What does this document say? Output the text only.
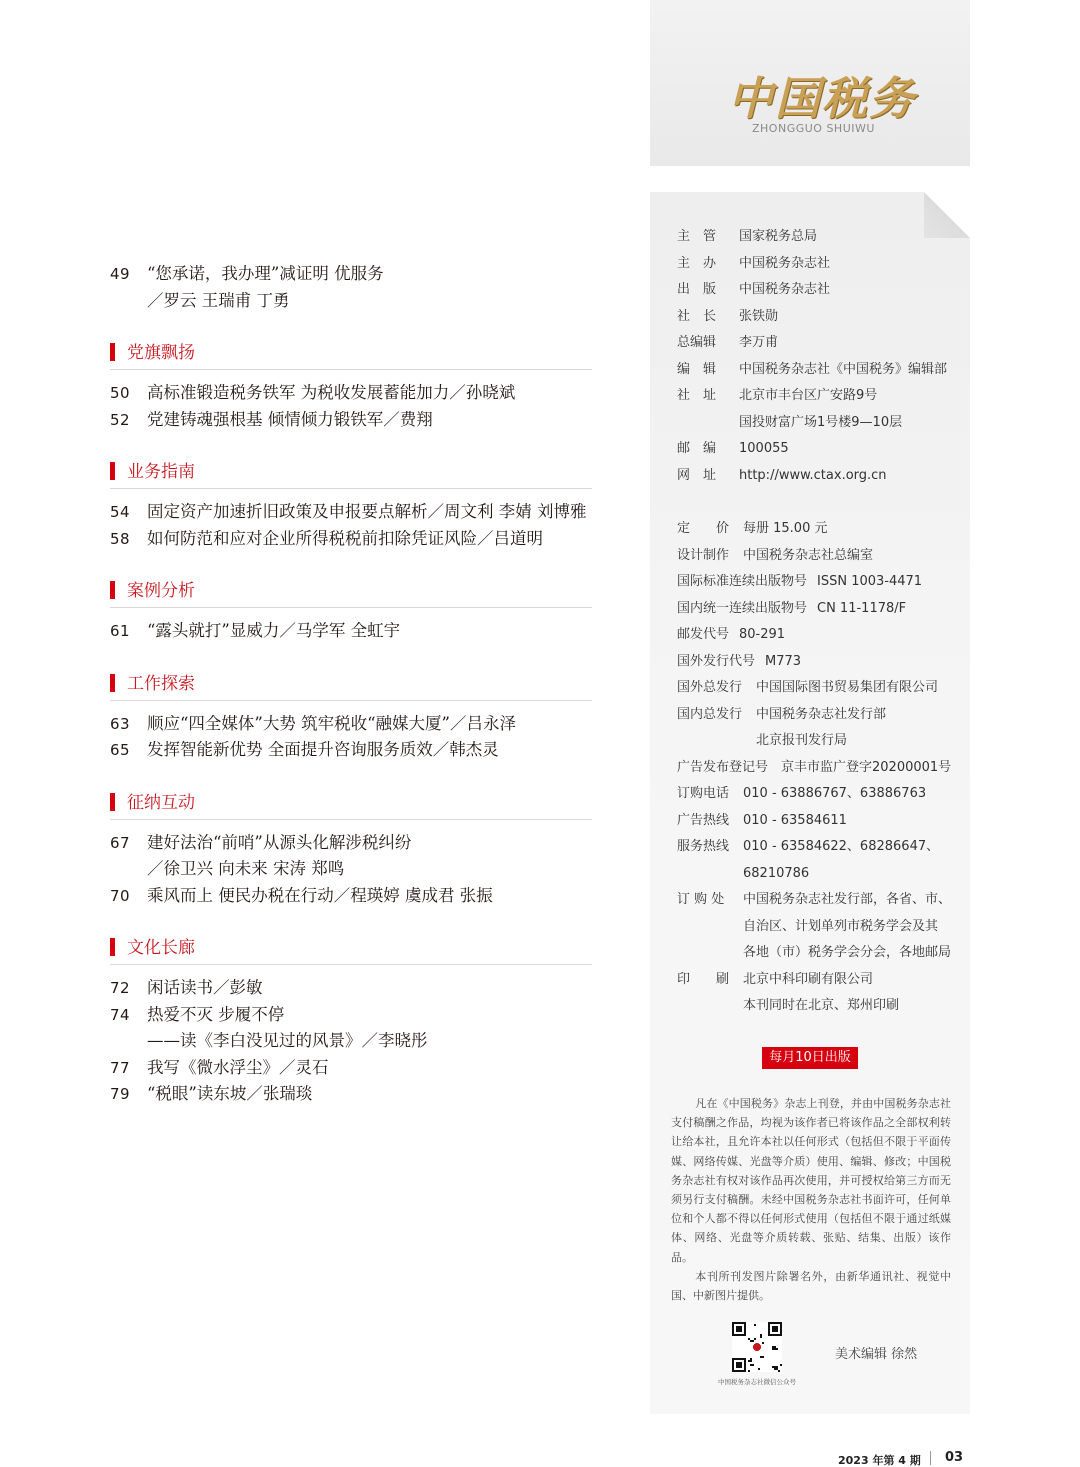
49	“您承诺，我办理”减证明 优服务
／罗云 王瑞甫 丁勇
党旗飘扬
50	高标准锻造税务铁军 为税收发展蓄能加力／孙晓斌
52	党建铸魂强根基 倾情倾力锻铁军／费翔
业务指南
54	固定资产加速折旧政策及申报要点解析／周文利 李婧 刘博雅
58	如何防范和应对企业所得税税前扣除凭证风险／吕道明
案例分析
61	“露头就打”显威力／马学军 全虹宇
工作探索
63	顺应“四全媒体”大势 筑牢税收“融媒大厦”／吕永泽
65	发挥智能新优势 全面提升咨询服务质效／韩杰灵
征纳互动
67	建好法治“前哨”从源头化解涉税纠纷
／徐卫兴 向未来 宋涛 郑鸣
70	乘风而上 便民办税在行动／程瑛婷 虞成君 张振
文化长廊
72	闲话读书／彭敏
74	热爱不灭 步履不停
——读《李白没见过的风景》／李晓彤
77	我写《微水浮尘》／灵石
79	“税眼”读东坡／张瑞琰
中国税务
ZHONGGUO SHUIWU
主　管 国家税务总局
主　办 中国税务杂志社
出　版 中国税务杂志社
社　长 张铁勋
总编辑 李万甫
编　辑 中国税务杂志社《中国税务》编辑部
社　址 北京市丰台区广安路9号
国投财富广场1号楼9—10层
邮　编 100055
网　址 http://www.ctax.org.cn
定　　价 每册 15.00 元
设计制作 中国税务杂志社总编室
国际标准连续出版物号 ISSN 1003-4471
国内统一连续出版物号 CN 11-1178/F
邮发代号 80-291
国外发行代号 M773
国外总发行 中国国际图书贸易集团有限公司
国内总发行 中国税务杂志社发行部
北京报刊发行局
广告发布登记号 京丰市监广登字20200001号
订购电话 010 - 63886767、63886763
广告热线 010 - 63584611
服务热线 010 - 63584622、68286647、
68210786
订 购 处 中国税务杂志社发行部，各省、市、
自治区、计划单列市税务学会及其
各地（市）税务学会分会，各地邮局
印　　刷 北京中科印刷有限公司
本刊同时在北京、郑州印刷
每月10日出版

凡在《中国税务》杂志上刊登，并由中国税务杂志社支付稿酬之作品，均视为该作者已将该作品之全部权利转让给本社，且允许本社以任何形式（包括但不限于平面传媒、网络传媒、光盘等介质）使用、编辑、修改；中国税务杂志社有权对该作品再次使用，并可授权给第三方而无须另行支付稿酬。未经中国税务杂志社书面许可，任何单位和个人都不得以任何形式使用（包括但不限于通过纸媒体、网络、光盘等介质转载、张贴、结集、出版）该作品。

本刊所刊发图片除署名外，由新华通讯社、视觉中国、中新图片提供。

中国税务杂志社微信公众号
美术编辑 徐然
2023 年第 4 期 03
